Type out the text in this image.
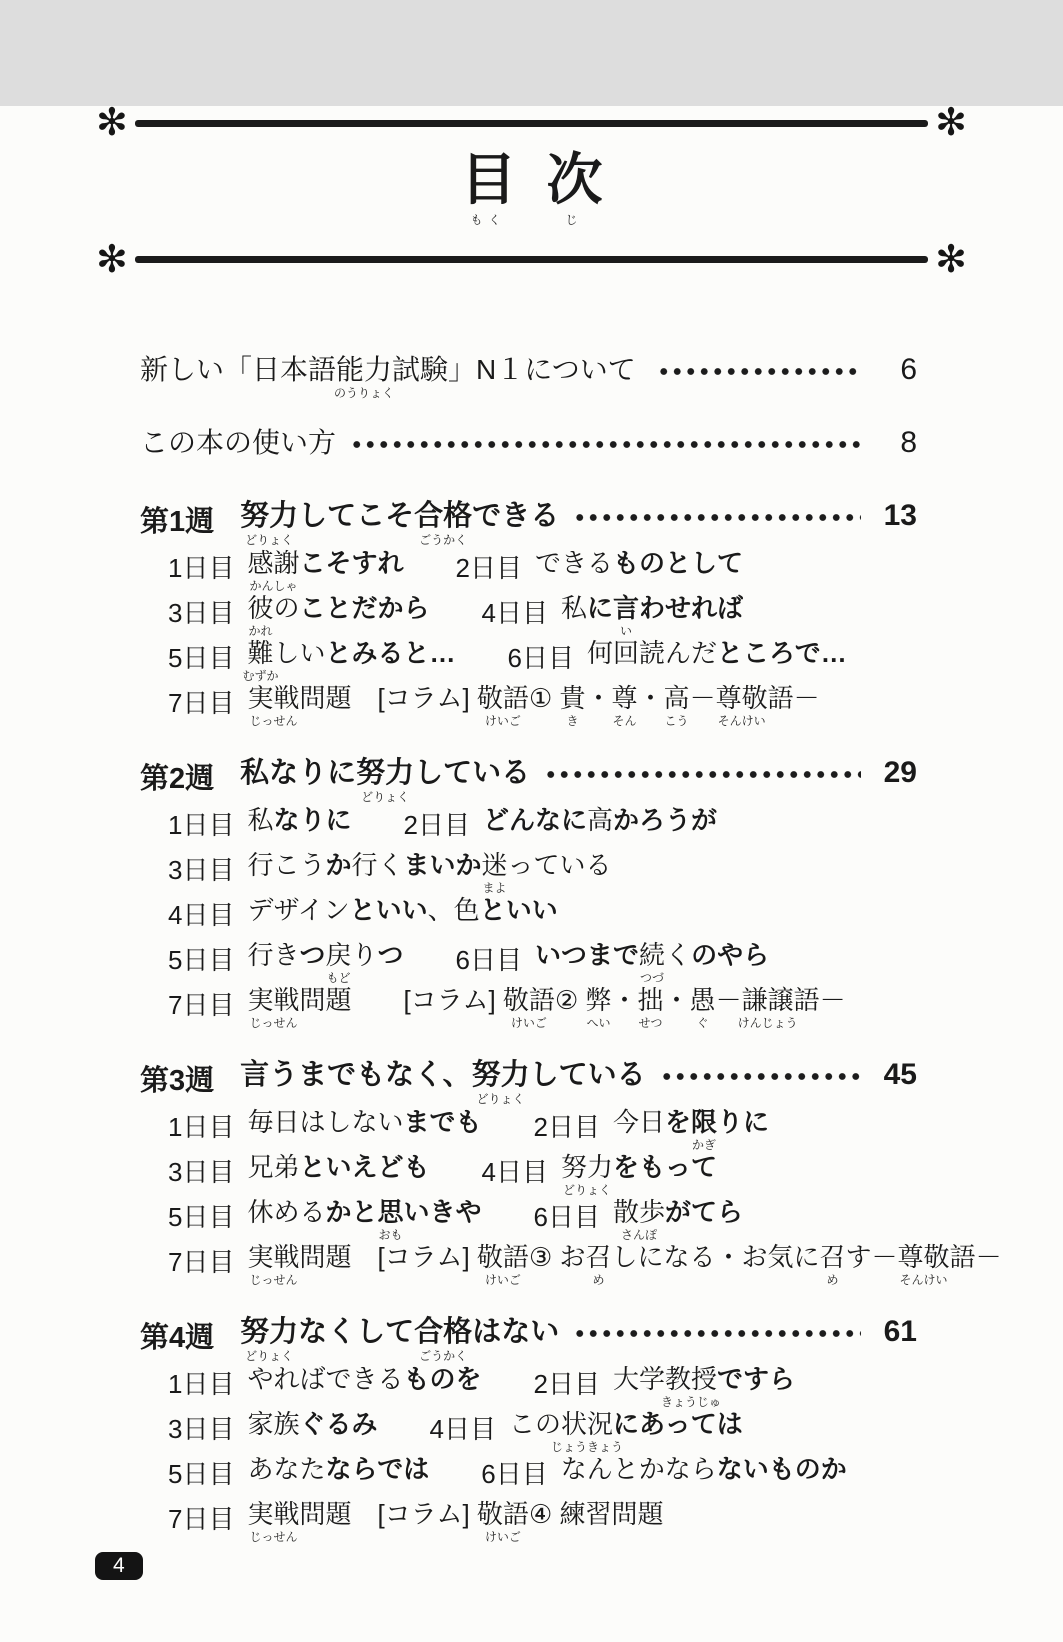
✻	✻
目
もく
次
じ
✻	✻
新しい「日本語 能力
のうりょく
試験」N１について	6
この本の使い方	8
第1週 努力
どりょく
してこそ 合格
ごうかく
できる	13
1日目 感謝
かんしゃ
こそすれ 2日目 できる ものとして
3日目 彼
かれ
の ことだから 4日目 私 に 言
い
わせれば
5日目 難
むずか
しい とみると… 6日目 何回読んだ ところで…
7日目 実戦
じっせん
問題 　[コラム] 敬語
けいご
① 貴
き
・ 尊
そん
・ 高
こう
－ 尊敬
そんけい
語－
第2週 私なりに 努力
どりょく
している	29
1日目 私 なりに 2日目 どんなに 高 かろうが
3日目 行こう か 行く まいか 迷
まよ
っている
4日目 デザイン といい 、色 といい
5日目 行き つ 戻
もど
り つ 6日目 いつまで 続
つづ
く のやら
7日目 実戦
じっせん
問題 　　[コラム] 敬語
けいご
② 弊
へい
・ 拙
せつ
・ 愚
ぐ
－ 謙譲
けんじょう
語－
第3週 言うまでもなく、 努力
どりょく
している	45
1日目 毎日はしない までも 2日目 今日 を 限
かぎ
りに
3日目 兄弟 といえども 4日目 努力
どりょく
をもって
5日目 休める かと 思
おも
いきや 6日目 散歩
さんぽ
がてら
7日目 実戦
じっせん
問題 　[コラム] 敬語
けいご
③ お 召
め
しになる・お気に 召
め
す－ 尊敬
そんけい
語－
第4週 努力
どりょく
なくして 合格
ごうかく
はない	61
1日目 やればできる ものを 2日目 大学 教授
きょうじゅ
ですら
3日目 家族 ぐるみ 4日目 この 状況
じょうきょう
にあっては
5日目 あなた ならでは 6日目 なんとかなら ないものか
7日目 実戦
じっせん
問題 　[コラム] 敬語
けいご
④ 練習問題
4
